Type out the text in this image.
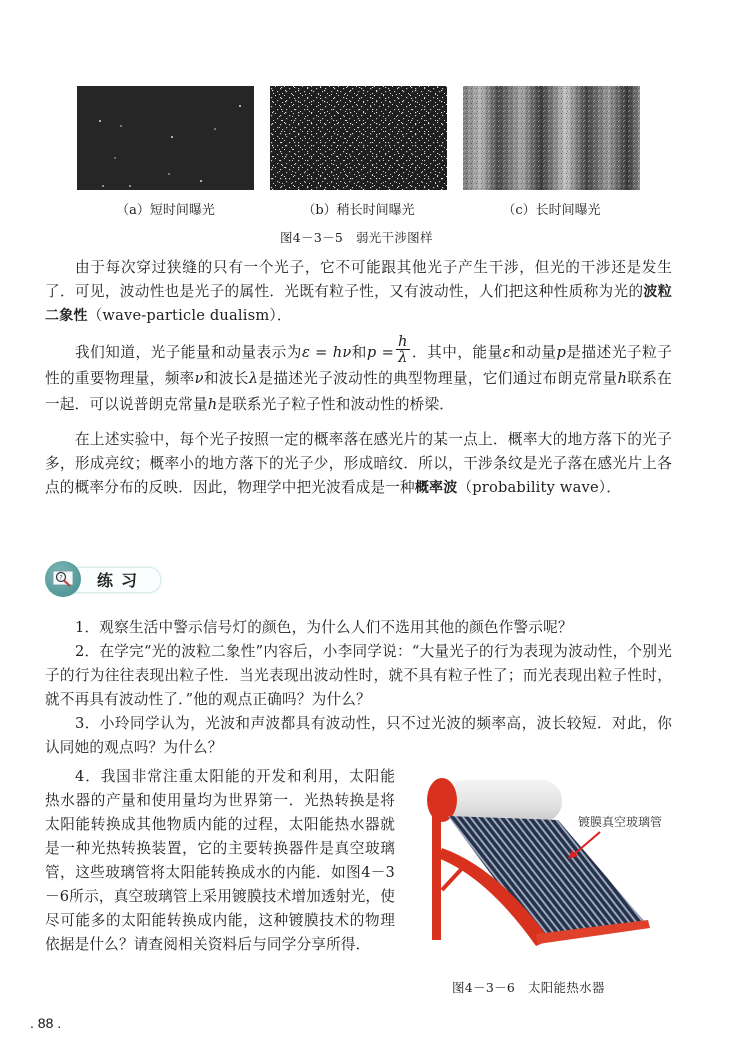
（a）短时间曝光	（b）稍长时间曝光	（c）长时间曝光
图4－3－5　弱光干涉图样
由于每次穿过狭缝的只有一个光子，它不可能跟其他光子产生干涉，但光的干涉还是发生了．可见，波动性也是光子的属性．光既有粒子性，又有波动性，人们把这种性质称为光的波粒二象性（wave-particle dualism）．
我们知道，光子能量和动量表示为ε = hν和$p = \frac{h}{\lambda}$ ．其中，能量ε和动量p是描述光子粒子性的重要物理量，频率ν和波长λ是描述光子波动性的典型物理量，它们通过布朗克常量h联系在一起．可以说普朗克常量h是联系光子粒子性和波动性的桥梁．
在上述实验中，每个光子按照一定的概率落在感光片的某一点上．概率大的地方落下的光子多，形成亮纹；概率小的地方落下的光子少，形成暗纹．所以，干涉条纹是光子落在感光片上各点的概率分布的反映．因此，物理学中把光波看成是一种概率波（probability wave）．
? 练习
1．观察生活中警示信号灯的颜色，为什么人们不选用其他的颜色作警示呢？
2．在学完“光的波粒二象性”内容后，小李同学说：“大量光子的行为表现为波动性，个别光子的行为往往表现出粒子性．当光表现出波动性时，就不具有粒子性了；而光表现出粒子性时，就不再具有波动性了．”他的观点正确吗？为什么？
3．小玲同学认为，光波和声波都具有波动性，只不过光波的频率高，波长较短．对此，你认同她的观点吗？为什么？
4．我国非常注重太阳能的开发和利用，太阳能热水器的产量和使用量均为世界第一．光热转换是将太阳能转换成其他物质内能的过程，太阳能热水器就是一种光热转换装置，它的主要转换器件是真空玻璃管，这些玻璃管将太阳能转换成水的内能．如图4－3－6所示，真空玻璃管上采用镀膜技术增加透射光，使尽可能多的太阳能转换成内能，这种镀膜技术的物理依据是什么？请查阅相关资料后与同学分享所得．
镀膜真空玻璃管
图4－3－6　太阳能热水器
. 88 .
